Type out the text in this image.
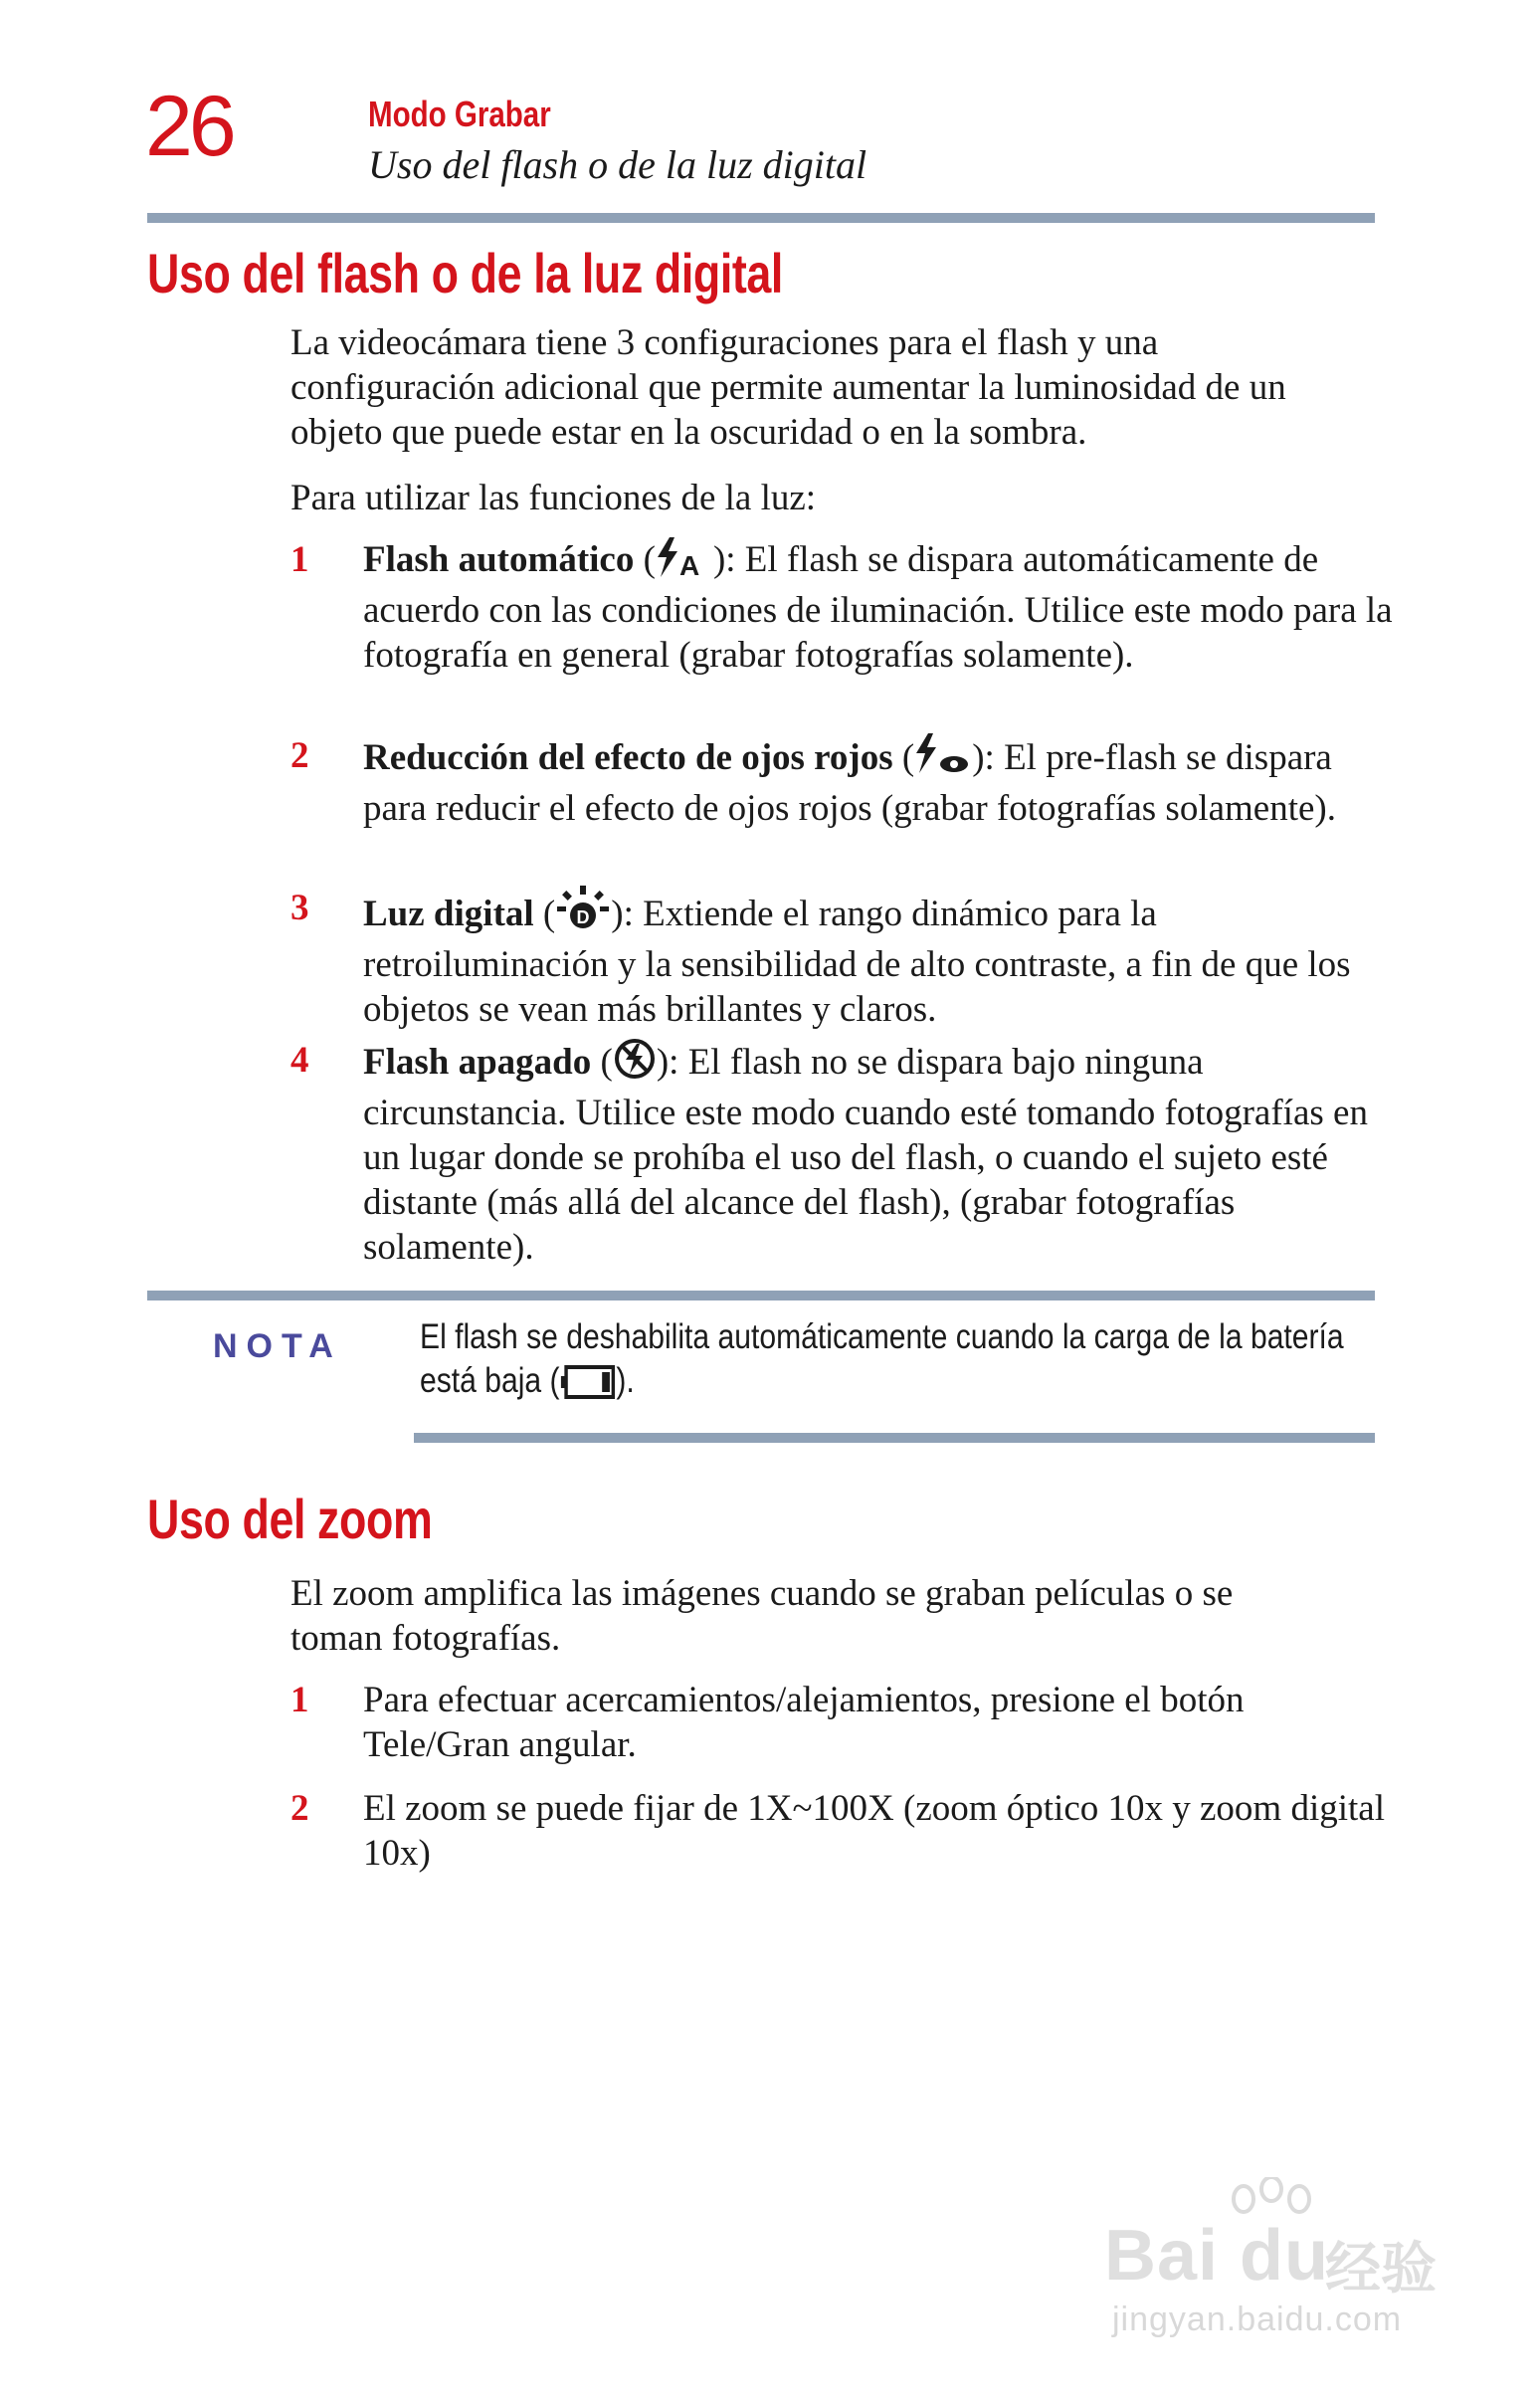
26	Modo Grabar
Uso del flash o de la luz digital
Uso del flash o de la luz digital

La videocámara tiene 3 configuraciones para el flash y una configuración adicional que permite aumentar la luminosidad de un objeto que puede estar en la oscuridad o en la sombra.

Para utilizar las funciones de la luz:

1 Flash automático ( A ): El flash se dispara automáticamente de acuerdo con las condiciones de iluminación. Utilice este modo para la fotografía en general (grabar fotografías solamente).
2 Reducción del efecto de ojos rojos ( ): El pre-flash se dispara para reducir el efecto de ojos rojos (grabar fotografías solamente).
3 Luz digital ( D ): Extiende el rango dinámico para la retroiluminación y la sensibilidad de alto contraste, a fin de que los objetos se vean más brillantes y claros.
4 Flash apagado ( ): El flash no se dispara bajo ninguna circunstancia. Utilice este modo cuando esté tomando fotografías en un lugar donde se prohíba el uso del flash, o cuando el sujeto esté distante (más allá del alcance del flash), (grabar fotografías solamente).
NOTA El flash se deshabilita automáticamente cuando la carga de la batería
está baja ( ).
Uso del zoom

El zoom amplifica las imágenes cuando se graban películas o se toman fotografías.

1 Para efectuar acercamientos/alejamientos, presione el botón Tele/Gran angular.
2 El zoom se puede fijar de 1X~100X (zoom óptico 10x y zoom digital 10x)
Bai du
经验
jingyan.baidu.com
